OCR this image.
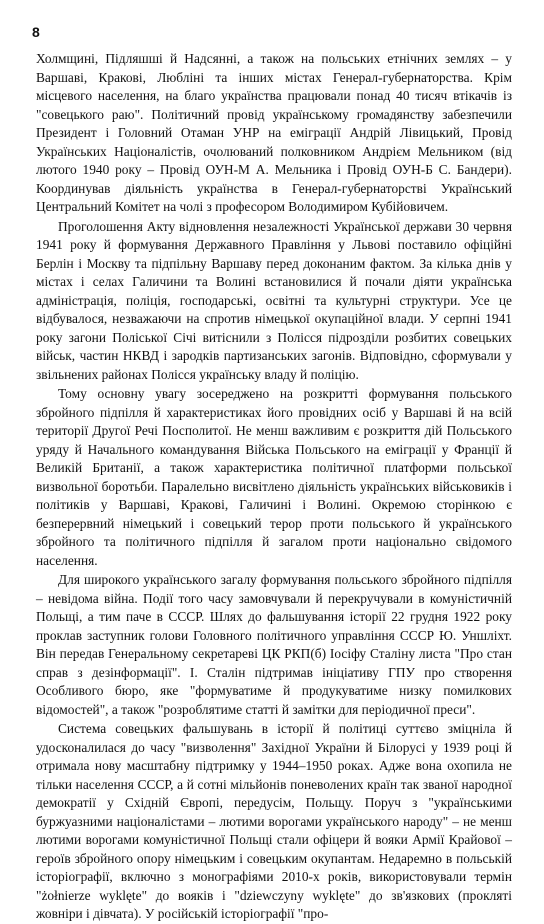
8

Холмщині, Підляшші й Надсянні, а також на польських етнічних землях – у Варшаві, Кракові, Любліні та інших містах Генерал-губернаторства. Крім місцевого населення, на благо українства працювали понад 40 тисяч втікачів із "совецького раю". Політичний провід українському громадянству забезпечили Президент і Головний Отаман УНР на еміграції Андрій Лівицький, Провід Українських Націоналістів, очолюваний полковником Андрієм Мельником (від лютого 1940 року – Провід ОУН-М А. Мельника і Провід ОУН-Б С. Бандери). Координував діяльність українства в Генерал-губернаторстві Український Центральний Комітет на чолі з професором Володимиром Кубійовичем.

Проголошення Акту відновлення незалежності Української держави 30 червня 1941 року й формування Державного Правління у Львові поставило офіційні Берлін і Москву та підпільну Варшаву перед доконаним фактом. За кілька днів у містах і селах Галичини та Волині встановилися й почали діяти українська адміністрація, поліція, господарські, освітні та культурні структури. Усе це відбувалося, незважаючи на спротив німецької окупаційної влади. У серпні 1941 року загони Поліської Січі витіснили з Полісся підрозділи розбитих совецьких військ, частин НКВД і зародків партизанських загонів. Відповідно, сформували у звільнених районах Полісся українську владу й поліцію.

Тому основну увагу зосереджено на розкритті формування польського збройного підпілля й характеристиках його провідних осіб у Варшаві й на всій території Другої Речі Посполитої. Не менш важливим є розкриття дій Польського уряду й Начального командування Війська Польського на еміграції у Франції й Великій Британії, а також характеристика політичної платформи польської визвольної боротьби. Паралельно висвітлено діяльність українських військовиків і політиків у Варшаві, Кракові, Галичині і Волині. Окремою сторінкою є безперервний німецький і совецький терор проти польського й українського збройного та політичного підпілля й загалом проти національно свідомого населення.

Для широкого українського загалу формування польського збройного підпілля – невідома війна. Події того часу замовчували й перекручували в комуністичній Польщі, а тим паче в СССР. Шлях до фальшування історії 22 грудня 1922 року проклав заступник голови Головного політичного управління СССР Ю. Уншліхт. Він передав Генеральному секретареві ЦК РКП(б) Іосіфу Сталіну листа "Про стан справ з дезінформації". І. Сталін підтримав ініціативу ГПУ про створення Особливого бюро, яке "формуватиме й продукуватиме низку помилкових відомостей", а також "розроблятиме статті й замітки для періодичної преси".

Система совецьких фальшувань в історії й політиці суттєво зміцніла й удосконалилася до часу "визволення" Західної України й Білорусі у 1939 році й отримала нову масштабну підтримку у 1944–1950 роках. Адже вона охопила не тільки населення СССР, а й сотні мільйонів поневолених країн так званої народної демократії у Східній Європі, передусім, Польщу. Поруч з "українськими буржуазними націоналістами – лютими ворогами українського народу" – не менш лютими ворогами комуністичної Польщі стали офіцери й вояки Армії Крайової – героїв збройного опору німецьким і совецьким окупантам. Недаремно в польській історіографії, включно з монографіями 2010-х років, використовували термін "żołnierze wyklęte" до вояків і "dziewczyny wyklęte" до зв'язкових (прокляті жовніри і дівчата). У російській історіографії "про-
